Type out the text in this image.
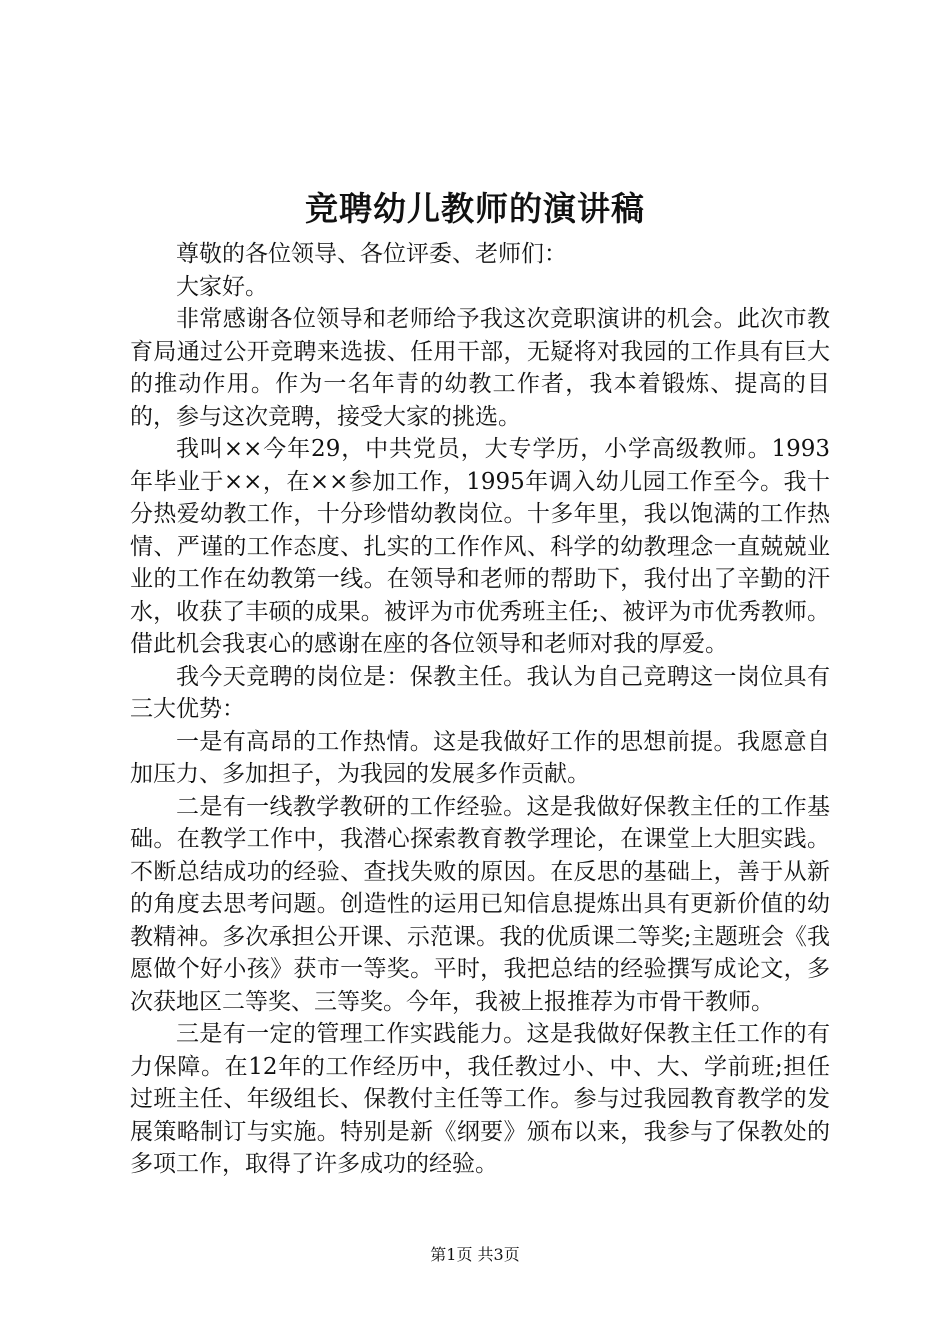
竞聘幼儿教师的演讲稿

尊敬的各位领导、各位评委、老师们：

大家好。

非常感谢各位领导和老师给予我这次竞职演讲的机会。此次市教育局通过公开竞聘来选拔、任用干部，无疑将对我园的工作具有巨大的推动作用。作为一名年青的幼教工作者，我本着锻炼、提高的目的，参与这次竞聘，接受大家的挑选。

我叫××今年29，中共党员，大专学历，小学高级教师。1993年毕业于××，在××参加工作，1995年调入幼儿园工作至今。我十分热爱幼教工作，十分珍惜幼教岗位。十多年里，我以饱满的工作热情、严谨的工作态度、扎实的工作作风、科学的幼教理念一直兢兢业业的工作在幼教第一线。在领导和老师的帮助下，我付出了辛勤的汗水，收获了丰硕的成果。被评为市优秀班主任;、被评为市优秀教师。借此机会我衷心的感谢在座的各位领导和老师对我的厚爱。

我今天竞聘的岗位是：保教主任。我认为自己竞聘这一岗位具有三大优势：

一是有高昂的工作热情。这是我做好工作的思想前提。我愿意自加压力、多加担子，为我园的发展多作贡献。

二是有一线教学教研的工作经验。这是我做好保教主任的工作基础。在教学工作中，我潜心探索教育教学理论，在课堂上大胆实践。不断总结成功的经验、查找失败的原因。在反思的基础上，善于从新的角度去思考问题。创造性的运用已知信息提炼出具有更新价值的幼教精神。多次承担公开课、示范课。我的优质课二等奖;主题班会《我愿做个好小孩》获市一等奖。平时，我把总结的经验撰写成论文，多次获地区二等奖、三等奖。今年，我被上报推荐为市骨干教师。

三是有一定的管理工作实践能力。这是我做好保教主任工作的有力保障。在12年的工作经历中，我任教过小、中、大、学前班;担任过班主任、年级组长、保教付主任等工作。参与过我园教育教学的发展策略制订与实施。特别是新《纲要》颁布以来，我参与了保教处的多项工作，取得了许多成功的经验。

第1页 共3页
